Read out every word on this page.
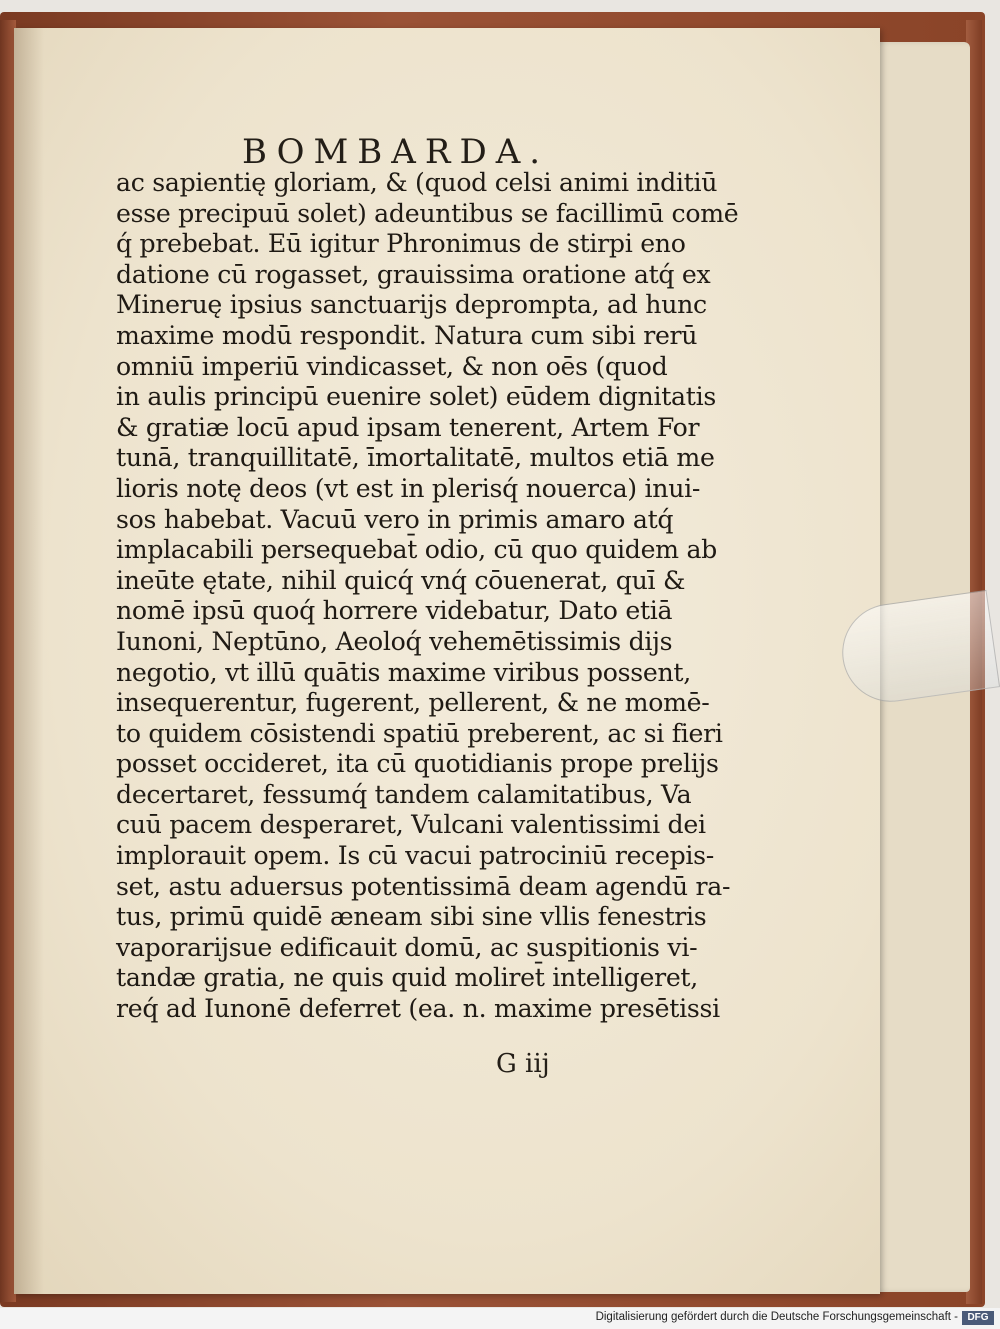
BOMBARDA.
ac sapientię gloriam, & (quod celsi animi inditiū
esse precipuū solet) adeuntibus se facillimū comē
q́ prebebat. Eū igitur Phronimus de stirpi eno
datione cū rogasset, grauissima oratione atq́ ex
Mineruę ipsius sanctuarijs deprompta, ad hunc
maxime modū respondit. Natura cum sibi rerū
omniū imperiū vindicasset, & non oēs (quod
in aulis principū euenire solet) eūdem dignitatis
& gratiæ locū apud ipsam tenerent, Artem For
tunā, tranquillitatē, īmortalitatē, multos etiā me
lioris notę deos (vt est in plerisq́ nouerca) inui-
sos habebat. Vacuū vero in primis amaro atq́
implacabili persequebat̄ odio, cū quo quidem ab
ineūte ętate, nihil quicq́ vnq́ cōuenerat, quī &
nomē ipsū quoq́ horrere videbatur, Dato etiā
Iunoni, Neptūno, Aeoloq́ vehemētissimis dijs
negotio, vt illū quātis maxime viribus possent,
insequerentur, fugerent, pellerent, & ne momē-
to quidem cōsistendi spatiū preberent, ac si fieri
posset occideret, ita cū quotidianis prope prelijs
decertaret, fessumq́ tandem calamitatibus, Va
cuū pacem desperaret, Vulcani valentissimi dei
implorauit opem. Is cū vacui patrociniū recepis-
set, astu aduersus potentissimā deam agendū ra-
tus, primū quidē æneam sibi sine vllis fenestris
vaporarijsue edificauit domū, ac suspitionis vi-
tandæ gratia, ne quis quid moliret̄ intelligeret,
req́ ad Iunonē deferret (ea. n. maxime presētissi
G iij
Digitalisierung gefördert durch die Deutsche Forschungsgemeinschaft - DFG
